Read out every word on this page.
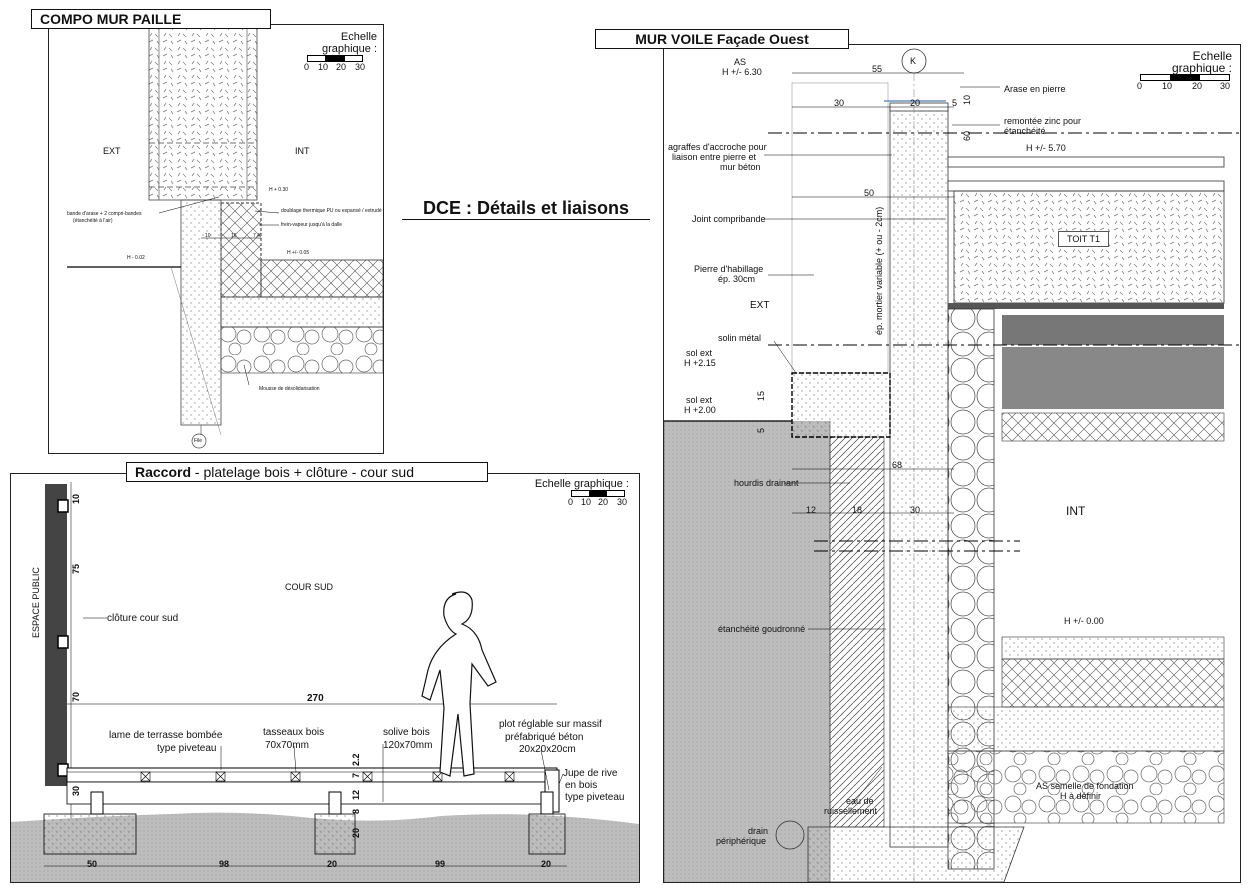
DCE : Détails et liaisons
EXT	INT
H + 0.30
bande d'arase + 2 compri-bandes
(étanchéité à l'air)
doublage thermique PU ou expansé / extrudé
frein-vapeur jusqu'à la dalle
10	16	7.4
H - 0.02
H +/- 0.05
Mousse de désolidarisation
File
Echelle graphique :
0 10 20 30
COMPO MUR PAILLE
ESPACE PUBLIC	COUR SUD
clôture cour sud
lame de terrasse bombée
type piveteau
tasseaux bois
70x70mm
solive bois
120x70mm
plot réglable sur massif
préfabriqué béton
20x20x20cm
Jupe de rive
en bois
type piveteau
270
10
75
70
30
7
2.2
12
8
20
50	98	20	99	20
Echelle graphique :
0 10 20 30
Raccord - platelage bois + clôture - cour sud
K
AS
H +/- 6.30	55
30	20	5 10
60
50
Arase en pierre
remontée zinc pour
étanchéité
H +/- 5.70
agraffes d'accroche pour
liaison entre pierre et
mur béton
Joint compribande	ép. mortier variable (+ ou - 2cm)	TOIT T1
Pierre d'habillage
ép. 30cm
EXT
solin métal
sol ext
H +2.15
sol ext
H +2.00
15
5
68
hourdis drainant
12	18	30	INT
H +/- 0.00
étanchéité goudronné
AS semelle de fondation
H à définir
eau de
ruissellement
drain
périphérique
Echelle graphique :
0 10 20 30
MUR VOILE Façade Ouest
